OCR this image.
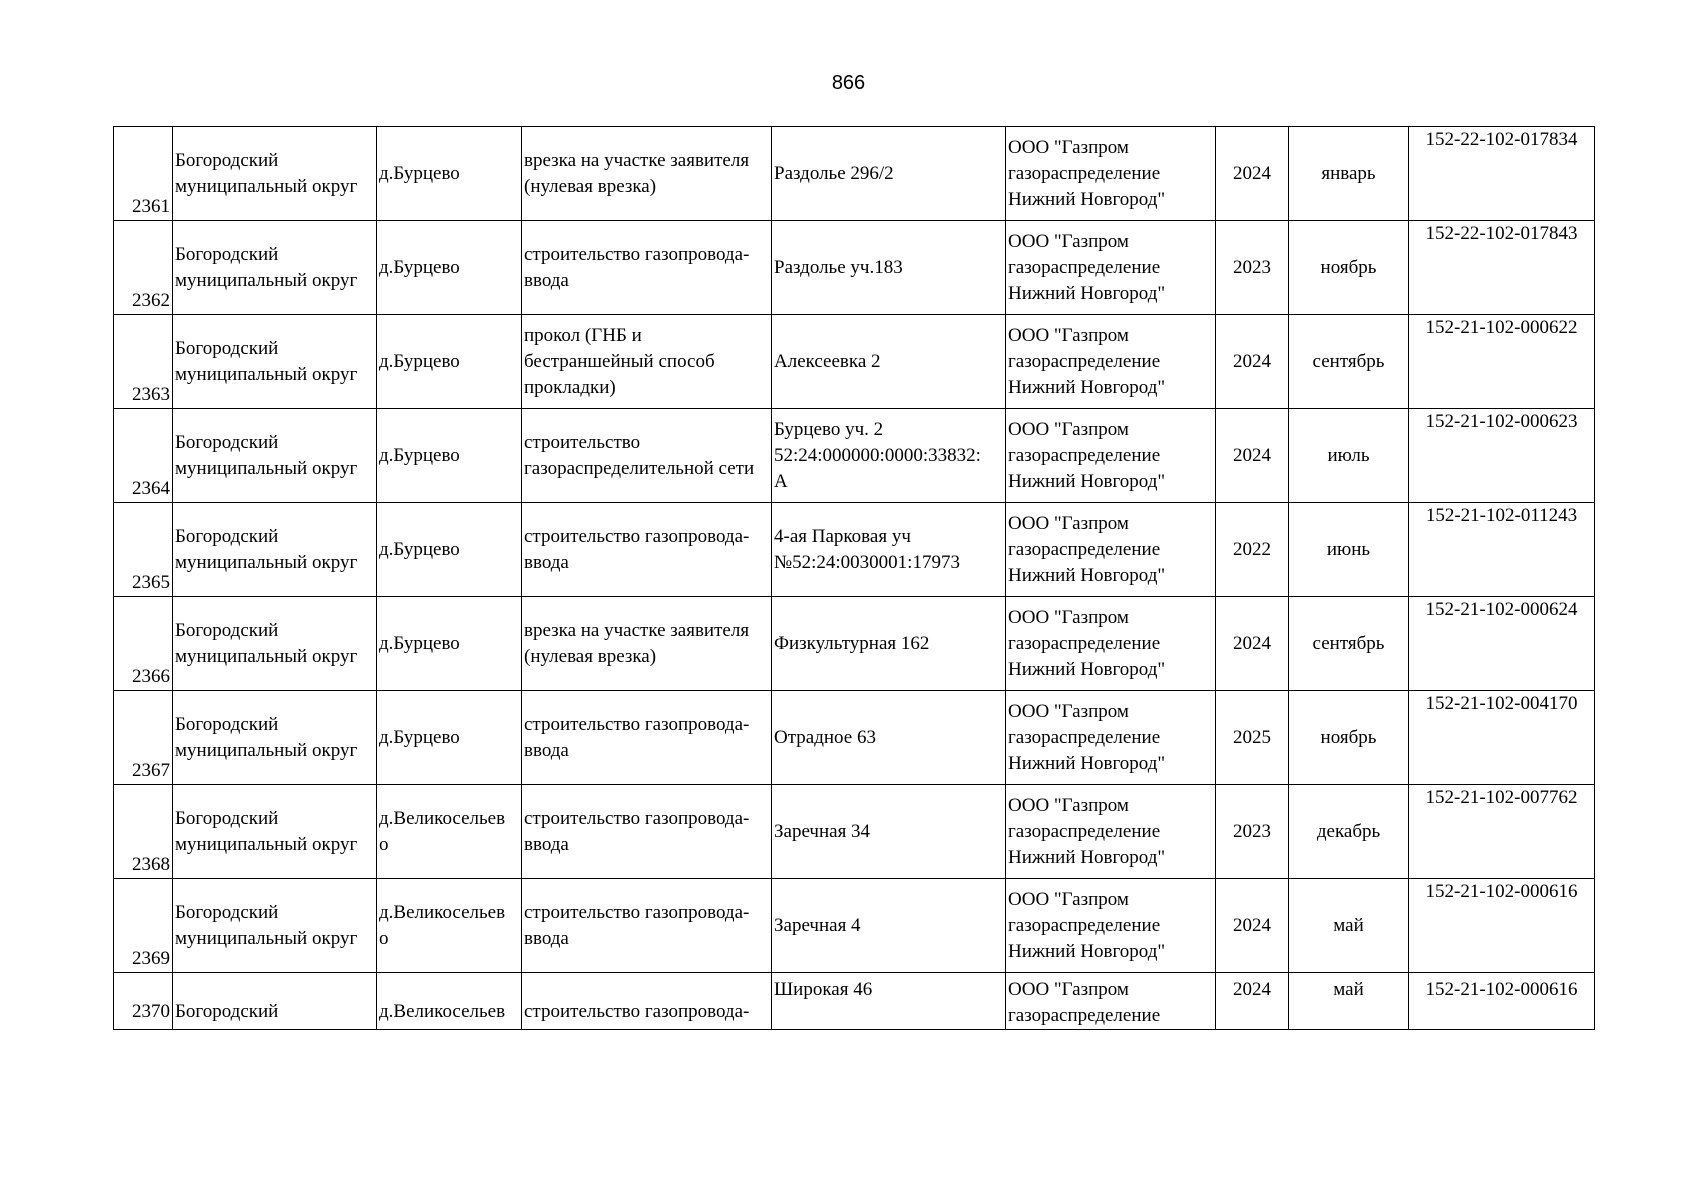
866
2361	Богородский
муниципальный округ	д.Бурцево	врезка на участке заявителя
(нулевая врезка)	Раздолье 296/2	ООО "Газпром
газораспределение
Нижний Новгород"	2024	январь	152-22-102-017834
2362	Богородский
муниципальный округ	д.Бурцево	строительство газопровода-
ввода	Раздолье уч.183	ООО "Газпром
газораспределение
Нижний Новгород"	2023	ноябрь	152-22-102-017843
2363	Богородский
муниципальный округ	д.Бурцево	прокол (ГНБ и
бестраншейный способ
прокладки)	Алексеевка 2	ООО "Газпром
газораспределение
Нижний Новгород"	2024	сентябрь	152-21-102-000622
2364	Богородский
муниципальный округ	д.Бурцево	строительство
газораспределительной сети	Бурцево уч. 2
52:24:000000:0000:33832:
А	ООО "Газпром
газораспределение
Нижний Новгород"	2024	июль	152-21-102-000623
2365	Богородский
муниципальный округ	д.Бурцево	строительство газопровода-
ввода	4-ая Парковая уч
№52:24:0030001:17973	ООО "Газпром
газораспределение
Нижний Новгород"	2022	июнь	152-21-102-011243
2366	Богородский
муниципальный округ	д.Бурцево	врезка на участке заявителя
(нулевая врезка)	Физкультурная 162	ООО "Газпром
газораспределение
Нижний Новгород"	2024	сентябрь	152-21-102-000624
2367	Богородский
муниципальный округ	д.Бурцево	строительство газопровода-
ввода	Отрадное 63	ООО "Газпром
газораспределение
Нижний Новгород"	2025	ноябрь	152-21-102-004170
2368	Богородский
муниципальный округ	д.Великосельев
о	строительство газопровода-
ввода	Заречная 34	ООО "Газпром
газораспределение
Нижний Новгород"	2023	декабрь	152-21-102-007762
2369	Богородский
муниципальный округ	д.Великосельев
о	строительство газопровода-
ввода	Заречная 4	ООО "Газпром
газораспределение
Нижний Новгород"	2024	май	152-21-102-000616
2370	Богородский	д.Великосельев	строительство газопровода-	Широкая 46	ООО "Газпром
газораспределение	2024	май	152-21-102-000616
